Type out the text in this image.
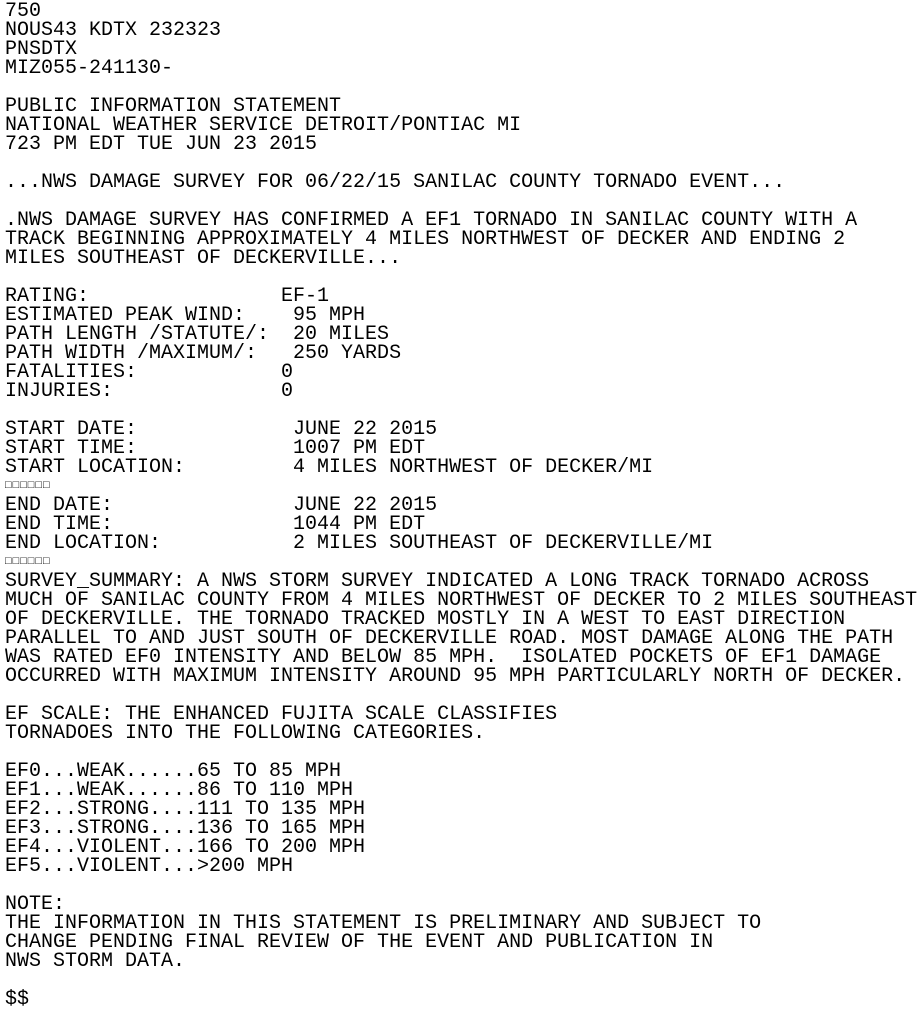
750
NOUS43 KDTX 232323
PNSDTX
MIZ055-241130-

PUBLIC INFORMATION STATEMENT
NATIONAL WEATHER SERVICE DETROIT/PONTIAC MI
723 PM EDT TUE JUN 23 2015

...NWS DAMAGE SURVEY FOR 06/22/15 SANILAC COUNTY TORNADO EVENT...

.NWS DAMAGE SURVEY HAS CONFIRMED A EF1 TORNADO IN SANILAC COUNTY WITH A
TRACK BEGINNING APPROXIMATELY 4 MILES NORTHWEST OF DECKER AND ENDING 2
MILES SOUTHEAST OF DECKERVILLE...

RATING:                EF-1
ESTIMATED PEAK WIND:    95 MPH
PATH LENGTH /STATUTE/:  20 MILES
PATH WIDTH /MAXIMUM/:   250 YARDS
FATALITIES:            0
INJURIES:              0

START DATE:             JUNE 22 2015
START TIME:             1007 PM EDT
START LOCATION:         4 MILES NORTHWEST OF DECKER/MI
□□□□□□
END DATE:               JUNE 22 2015
END TIME:               1044 PM EDT
END LOCATION:           2 MILES SOUTHEAST OF DECKERVILLE/MI
□□□□□□
SURVEY_SUMMARY: A NWS STORM SURVEY INDICATED A LONG TRACK TORNADO ACROSS
MUCH OF SANILAC COUNTY FROM 4 MILES NORTHWEST OF DECKER TO 2 MILES SOUTHEAST
OF DECKERVILLE. THE TORNADO TRACKED MOSTLY IN A WEST TO EAST DIRECTION
PARALLEL TO AND JUST SOUTH OF DECKERVILLE ROAD. MOST DAMAGE ALONG THE PATH
WAS RATED EF0 INTENSITY AND BELOW 85 MPH.  ISOLATED POCKETS OF EF1 DAMAGE
OCCURRED WITH MAXIMUM INTENSITY AROUND 95 MPH PARTICULARLY NORTH OF DECKER.

EF SCALE: THE ENHANCED FUJITA SCALE CLASSIFIES
TORNADOES INTO THE FOLLOWING CATEGORIES.

EF0...WEAK......65 TO 85 MPH
EF1...WEAK......86 TO 110 MPH
EF2...STRONG....111 TO 135 MPH
EF3...STRONG....136 TO 165 MPH
EF4...VIOLENT...166 TO 200 MPH
EF5...VIOLENT...>200 MPH

NOTE:
THE INFORMATION IN THIS STATEMENT IS PRELIMINARY AND SUBJECT TO
CHANGE PENDING FINAL REVIEW OF THE EVENT AND PUBLICATION IN
NWS STORM DATA.

$$
